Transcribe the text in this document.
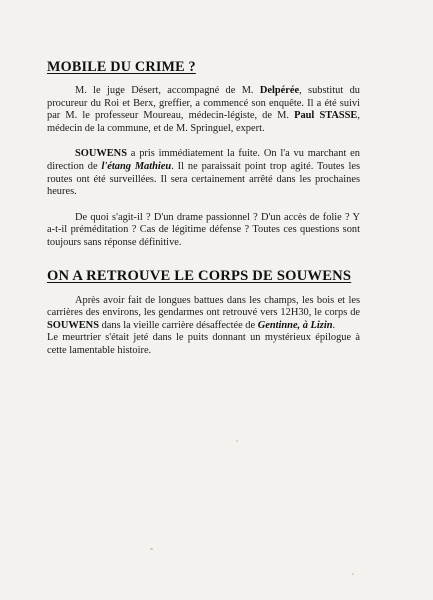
MOBILE DU CRIME ?

M. le juge Désert, accompagné de M. Delpérée, substitut du procureur du Roi et Berx, greffier, a commencé son enquête. Il a été suivi par M. le professeur Moureau, médecin-légiste, de M. Paul STASSE, médecin de la commune, et de M. Springuel, expert.

SOUWENS a pris immédiatement la fuite. On l'a vu marchant en direction de l'étang Mathieu. Il ne paraissait point trop agité. Toutes les routes ont été surveillées. Il sera certainement arrêté dans les prochaines heures.

De quoi s'agit-il ? D'un drame passionnel ? D'un accès de folie ? Y a-t-il préméditation ? Cas de légitime défense ? Toutes ces questions sont toujours sans réponse définitive.

ON A RETROUVE LE CORPS DE SOUWENS

Après avoir fait de longues battues dans les champs, les bois et les carrières des environs, les gendarmes ont retrouvé vers 12H30, le corps de SOUWENS dans la vieille carrière désaffectée de Gentinne, à Lizin.

Le meurtrier s'était jeté dans le puits donnant un mystérieux épilogue à cette lamentable histoire.
